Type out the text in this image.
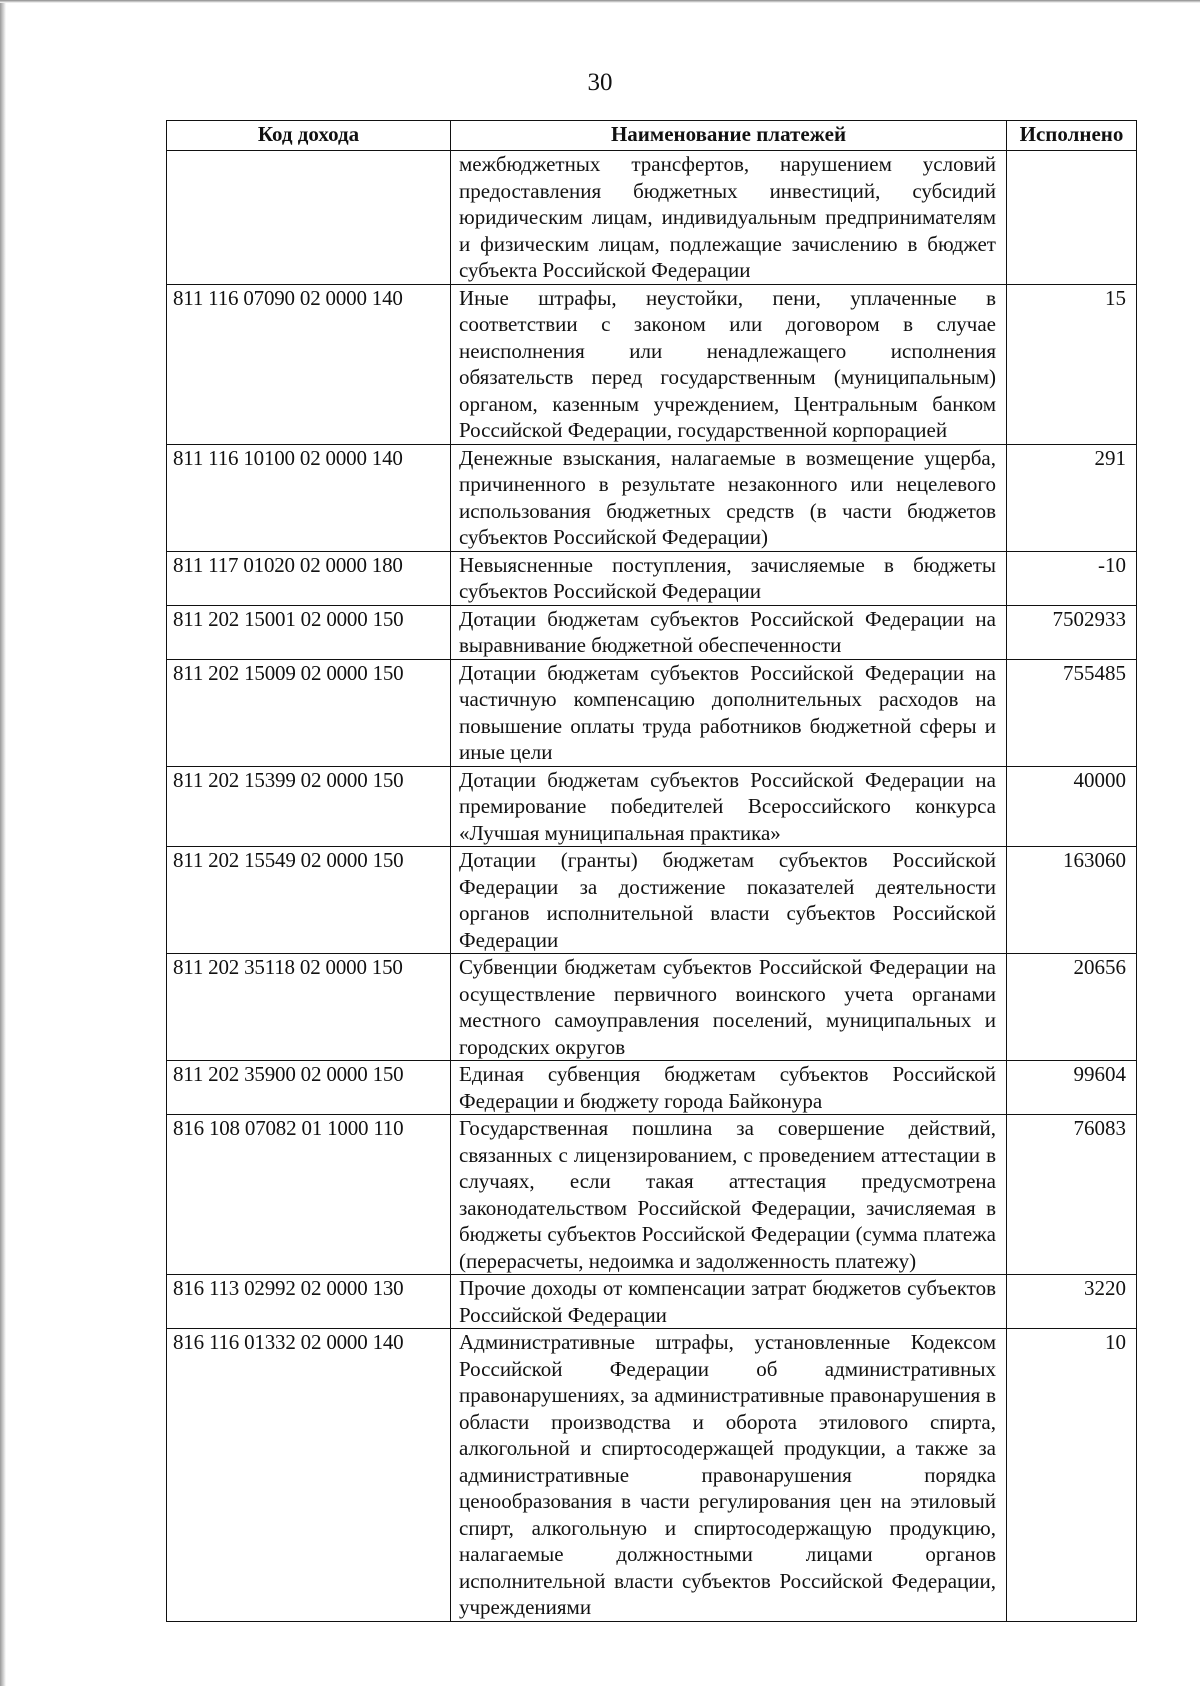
30
Код дохода	Наименование платежей	Исполнено
	межбюджетных трансфертов, нарушением условий предоставления бюджетных инвестиций, субсидий юридическим лицам, индивидуальным предпринимателям и физическим лицам, подлежащие зачислению в бюджет субъекта Российской Федерации	
811 116 07090 02 0000 140	Иные штрафы, неустойки, пени, уплаченные в соответствии с законом или договором в случае неисполнения или ненадлежащего исполнения обязательств перед государственным (муниципальным) органом, казенным учреждением, Центральным банком Российской Федерации, государственной корпорацией	15
811 116 10100 02 0000 140	Денежные взыскания, налагаемые в возмещение ущерба, причиненного в результате незаконного или нецелевого использования бюджетных средств (в части бюджетов субъектов Российской Федерации)	291
811 117 01020 02 0000 180	Невыясненные поступления, зачисляемые в бюджеты субъектов Российской Федерации	-10
811 202 15001 02 0000 150	Дотации бюджетам субъектов Российской Федерации на выравнивание бюджетной обеспеченности	7502933
811 202 15009 02 0000 150	Дотации бюджетам субъектов Российской Федерации на частичную компенсацию дополнительных расходов на повышение оплаты труда работников бюджетной сферы и иные цели	755485
811 202 15399 02 0000 150	Дотации бюджетам субъектов Российской Федерации на премирование победителей Всероссийского конкурса «Лучшая муниципальная практика»	40000
811 202 15549 02 0000 150	Дотации (гранты) бюджетам субъектов Российской Федерации за достижение показателей деятельности органов исполнительной власти субъектов Российской Федерации	163060
811 202 35118 02 0000 150	Субвенции бюджетам субъектов Российской Федерации на осуществление первичного воинского учета органами местного самоуправления поселений, муниципальных и городских округов	20656
811 202 35900 02 0000 150	Единая субвенция бюджетам субъектов Российской Федерации и бюджету города Байконура	99604
816 108 07082 01 1000 110	Государственная пошлина за совершение действий, связанных с лицензированием, с проведением аттестации в случаях, если такая аттестация предусмотрена законодательством Российской Федерации, зачисляемая в бюджеты субъектов Российской Федерации (сумма платежа (перерасчеты, недоимка и задолженность платежу)	76083
816 113 02992 02 0000 130	Прочие доходы от компенсации затрат бюджетов субъектов Российской Федерации	3220
816 116 01332 02 0000 140	Административные штрафы, установленные Кодексом Российской Федерации об административных правонарушениях, за административные правонарушения в области производства и оборота этилового спирта, алкогольной и спиртосодержащей продукции, а также за административные правонарушения порядка ценообразования в части регулирования цен на этиловый спирт, алкогольную и спиртосодержащую продукцию, налагаемые должностными лицами органов исполнительной власти субъектов Российской Федерации, учреждениями	10
